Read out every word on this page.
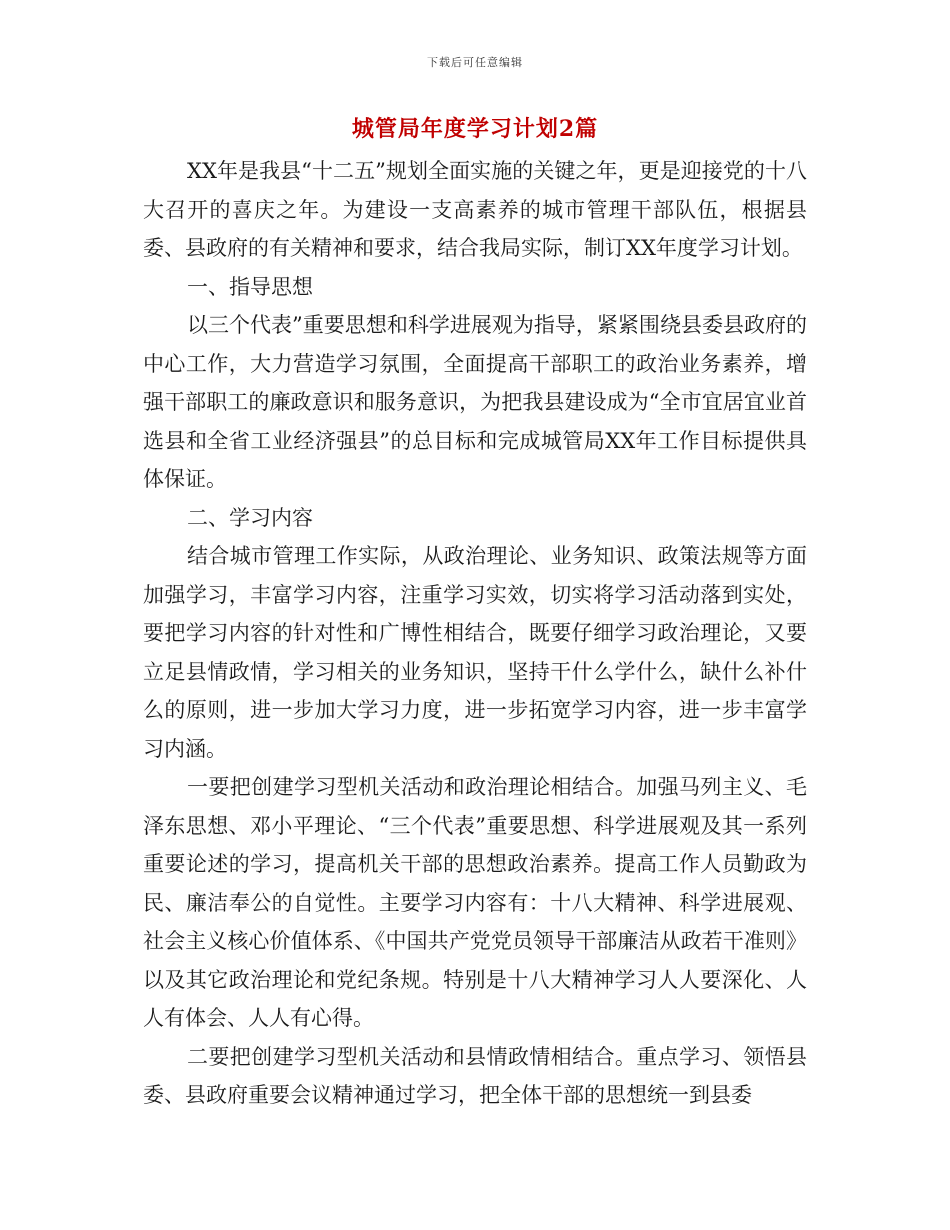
下载后可任意编辑
城管局年度学习计划2篇

XX年是我县“十二五”规划全面实施的关键之年，更是迎接党的十八大召开的喜庆之年。为建设一支高素养的城市管理干部队伍，根据县委、县政府的有关精神和要求，结合我局实际，制订XX年度学习计划。

一、指导思想

以三个代表”重要思想和科学进展观为指导，紧紧围绕县委县政府的中心工作，大力营造学习氛围，全面提高干部职工的政治业务素养，增强干部职工的廉政意识和服务意识，为把我县建设成为“全市宜居宜业首选县和全省工业经济强县”的总目标和完成城管局XX年工作目标提供具体保证。

二、学习内容

结合城市管理工作实际，从政治理论、业务知识、政策法规等方面加强学习，丰富学习内容，注重学习实效，切实将学习活动落到实处，要把学习内容的针对性和广博性相结合，既要仔细学习政治理论，又要立足县情政情，学习相关的业务知识，坚持干什么学什么，缺什么补什么的原则，进一步加大学习力度，进一步拓宽学习内容，进一步丰富学习内涵。

一要把创建学习型机关活动和政治理论相结合。加强马列主义、毛泽东思想、邓小平理论、“三个代表”重要思想、科学进展观及其一系列重要论述的学习，提高机关干部的思想政治素养。提高工作人员勤政为民、廉洁奉公的自觉性。主要学习内容有：十八大精神、科学进展观、社会主义核心价值体系、《中国共产党党员领导干部廉洁从政若干准则》以及其它政治理论和党纪条规。特别是十八大精神学习人人要深化、人人有体会、人人有心得。

二要把创建学习型机关活动和县情政情相结合。重点学习、领悟县委、县政府重要会议精神通过学习，把全体干部的思想统一到县委
